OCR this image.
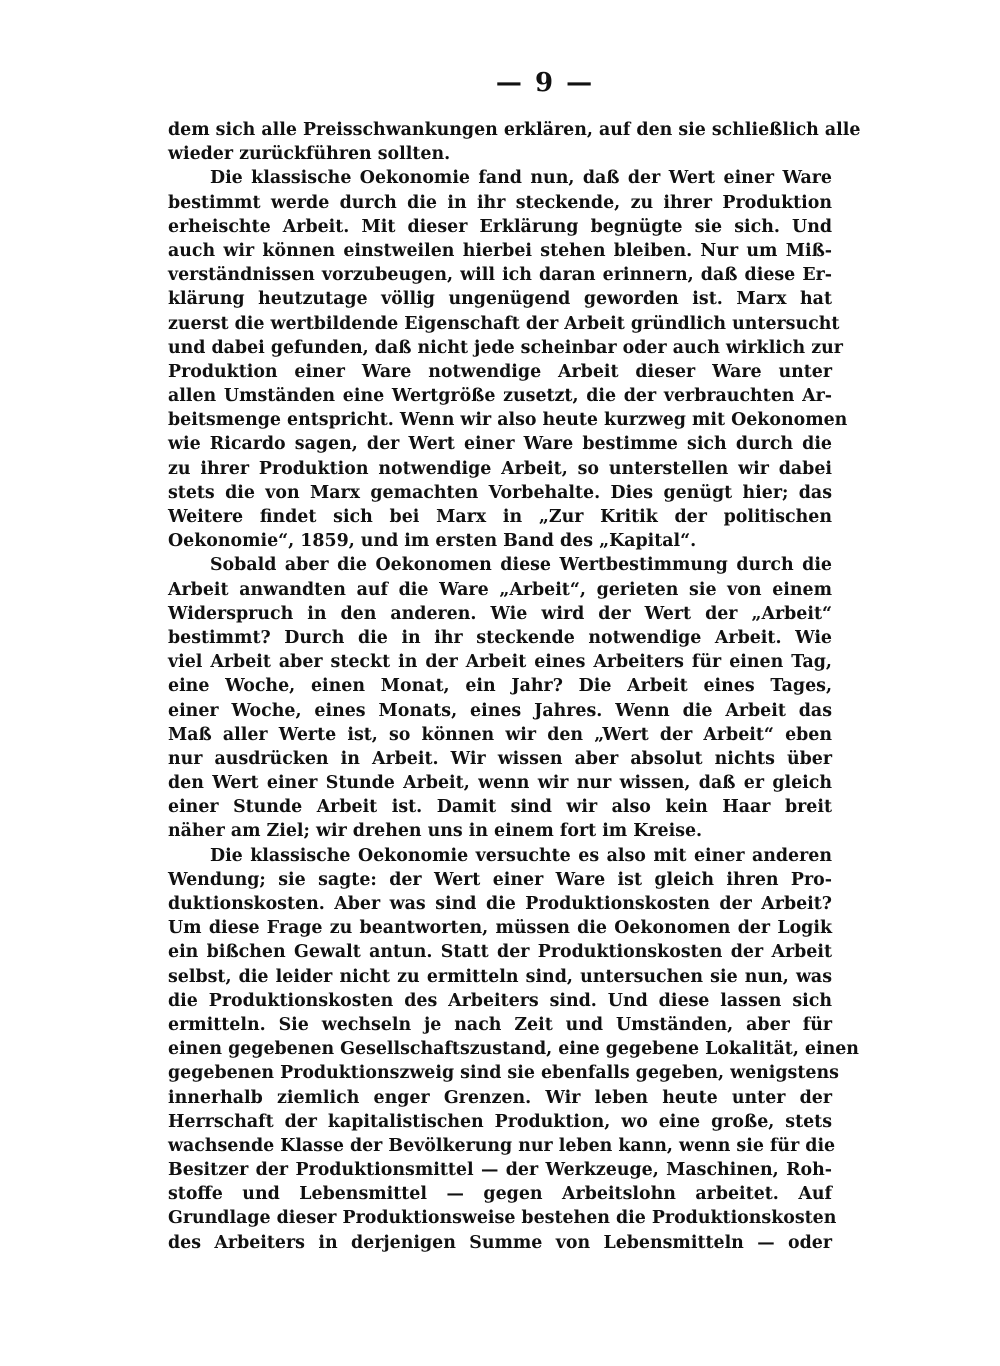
— 9 —
dem sich alle Preisschwankungen erklären, auf den sie schließlich alle
wieder zurückführen sollten.
Die klassische Oekonomie fand nun, daß der Wert einer Ware
bestimmt werde durch die in ihr steckende, zu ihrer Produktion
erheischte Arbeit. Mit dieser Erklärung begnügte sie sich. Und
auch wir können einstweilen hierbei stehen bleiben. Nur um Miß-
verständnissen vorzubeugen, will ich daran erinnern, daß diese Er-
klärung heutzutage völlig ungenügend geworden ist. Marx hat
zuerst die wertbildende Eigenschaft der Arbeit gründlich untersucht
und dabei gefunden, daß nicht jede scheinbar oder auch wirklich zur
Produktion einer Ware notwendige Arbeit dieser Ware unter
allen Umständen eine Wertgröße zusetzt, die der verbrauchten Ar-
beitsmenge entspricht. Wenn wir also heute kurzweg mit Oekonomen
wie Ricardo sagen, der Wert einer Ware bestimme sich durch die
zu ihrer Produktion notwendige Arbeit, so unterstellen wir dabei
stets die von Marx gemachten Vorbehalte. Dies genügt hier; das
Weitere findet sich bei Marx in „Zur Kritik der politischen
Oekonomie“, 1859, und im ersten Band des „Kapital“.
Sobald aber die Oekonomen diese Wertbestimmung durch die
Arbeit anwandten auf die Ware „Arbeit“, gerieten sie von einem
Widerspruch in den anderen. Wie wird der Wert der „Arbeit“
bestimmt? Durch die in ihr steckende notwendige Arbeit. Wie
viel Arbeit aber steckt in der Arbeit eines Arbeiters für einen Tag,
eine Woche, einen Monat, ein Jahr? Die Arbeit eines Tages,
einer Woche, eines Monats, eines Jahres. Wenn die Arbeit das
Maß aller Werte ist, so können wir den „Wert der Arbeit“ eben
nur ausdrücken in Arbeit. Wir wissen aber absolut nichts über
den Wert einer Stunde Arbeit, wenn wir nur wissen, daß er gleich
einer Stunde Arbeit ist. Damit sind wir also kein Haar breit
näher am Ziel; wir drehen uns in einem fort im Kreise.
Die klassische Oekonomie versuchte es also mit einer anderen
Wendung; sie sagte: der Wert einer Ware ist gleich ihren Pro-
duktionskosten. Aber was sind die Produktionskosten der Arbeit?
Um diese Frage zu beantworten, müssen die Oekonomen der Logik
ein bißchen Gewalt antun. Statt der Produktionskosten der Arbeit
selbst, die leider nicht zu ermitteln sind, untersuchen sie nun, was
die Produktionskosten des Arbeiters sind. Und diese lassen sich
ermitteln. Sie wechseln je nach Zeit und Umständen, aber für
einen gegebenen Gesellschaftszustand, eine gegebene Lokalität, einen
gegebenen Produktionszweig sind sie ebenfalls gegeben, wenigstens
innerhalb ziemlich enger Grenzen. Wir leben heute unter der
Herrschaft der kapitalistischen Produktion, wo eine große, stets
wachsende Klasse der Bevölkerung nur leben kann, wenn sie für die
Besitzer der Produktionsmittel — der Werkzeuge, Maschinen, Roh-
stoffe und Lebensmittel — gegen Arbeitslohn arbeitet. Auf
Grundlage dieser Produktionsweise bestehen die Produktionskosten
des Arbeiters in derjenigen Summe von Lebensmitteln — oder
